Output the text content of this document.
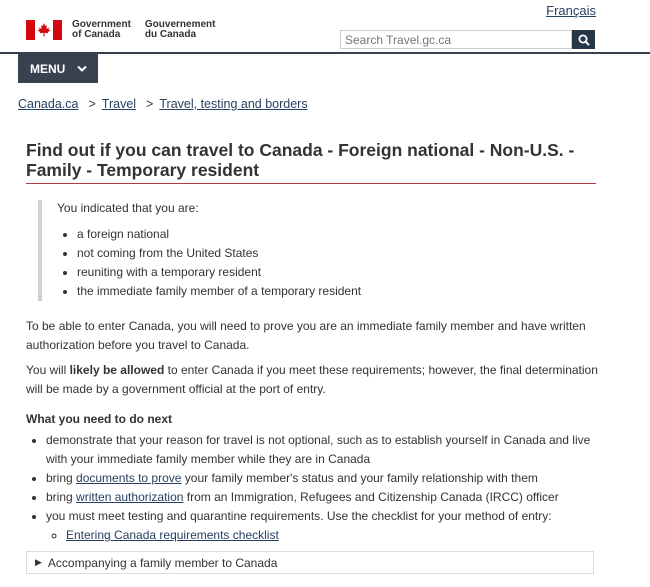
Français
Government
of Canada
Gouvernement
du Canada
Search Travel.gc.ca
MENU
Canada.ca > Travel > Travel, testing and borders
Find out if you can travel to Canada - Foreign national - Non-U.S. - Family - Temporary resident

You indicated that you are:

• a foreign national
• not coming from the United States
• reuniting with a temporary resident
• the immediate family member of a temporary resident

To be able to enter Canada, you will need to prove you are an immediate family member and have written authorization before you travel to Canada.

You will likely be allowed to enter Canada if you meet these requirements; however, the final determination will be made by a government official at the port of entry.

What you need to do next
• demonstrate that your reason for travel is not optional, such as to establish yourself in Canada and live with your immediate family member while they are in Canada
• bring documents to prove your family member's status and your family relationship with them
• bring written authorization from an Immigration, Refugees and Citizenship Canada (IRCC) officer
• you must meet testing and quarantine requirements. Use the checklist for your method of entry:
◦ Entering Canada requirements checklist
▶ Accompanying a family member to Canada
